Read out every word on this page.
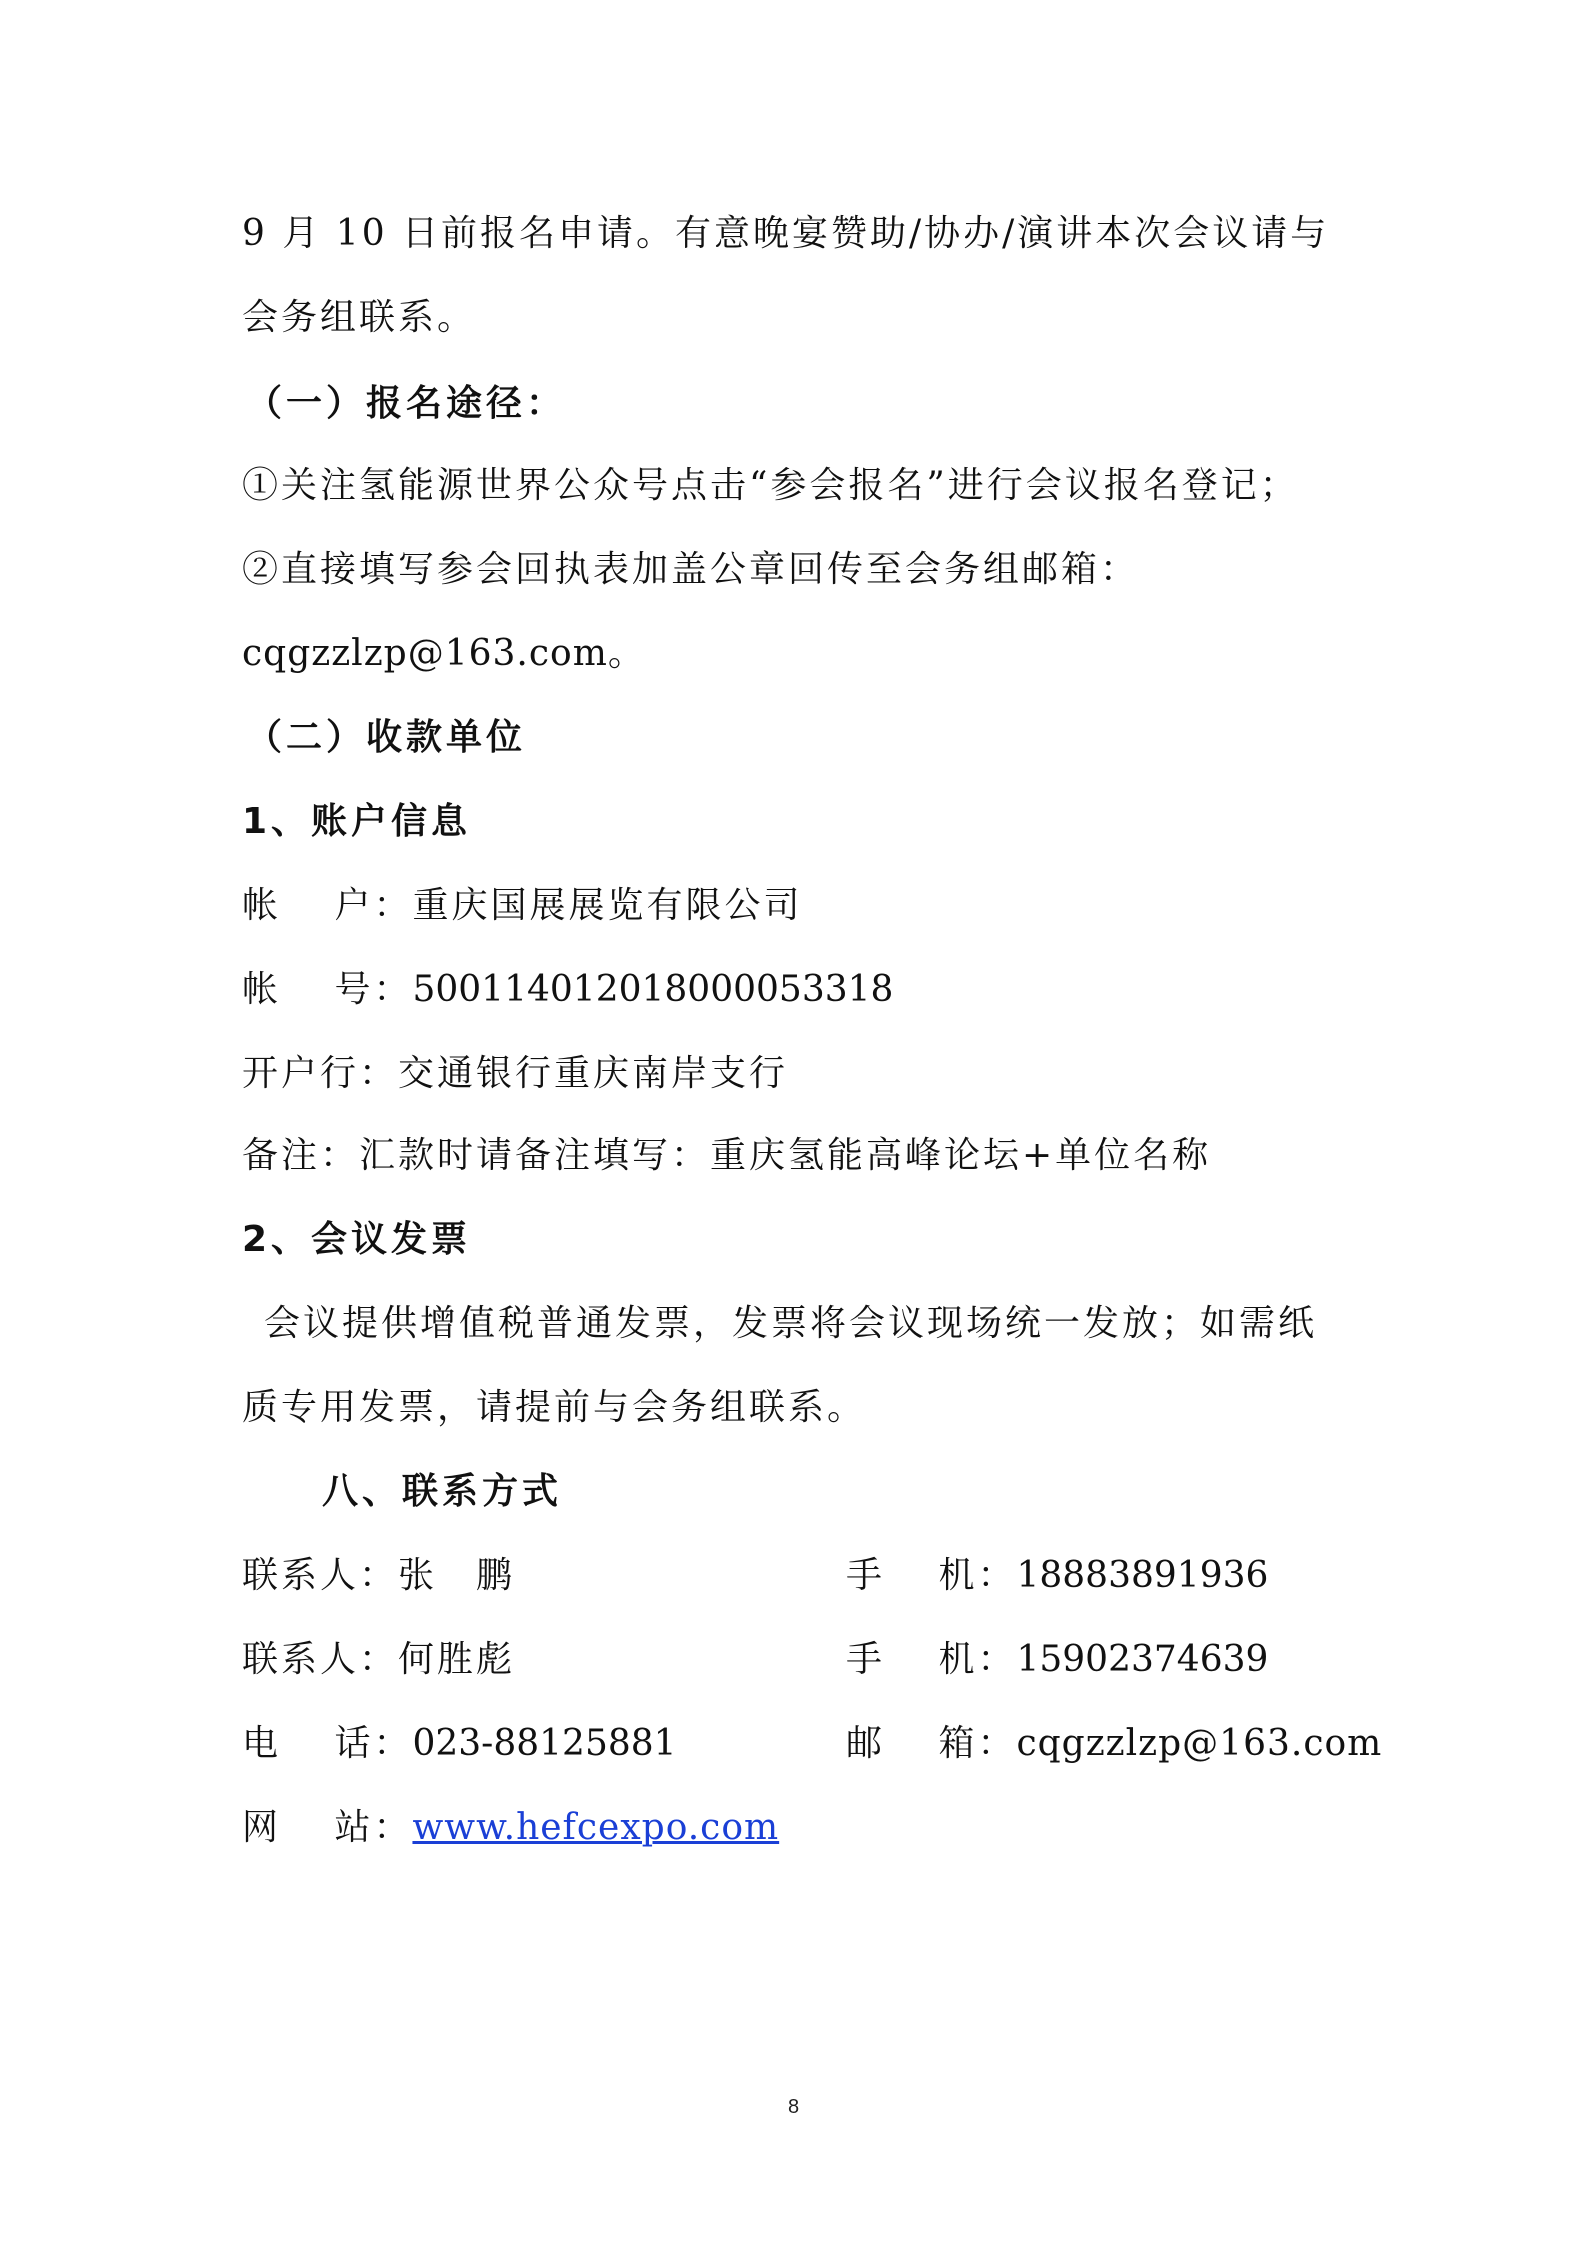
9 月 10 日前报名申请。有意晚宴赞助/协办/演讲本次会议请与
会务组联系。
（一）报名途径：
①关注氢能源世界公众号点击“参会报名”进行会议报名登记；
②直接填写参会回执表加盖公章回传至会务组邮箱：
cqgzzlzp@163.com。
（二）收款单位
1、账户信息
帐　 户：重庆国展展览有限公司
帐　 号：500114012018000053318
开户行：交通银行重庆南岸支行
备注：汇款时请备注填写：重庆氢能高峰论坛+单位名称
2、会议发票
会议提供增值税普通发票，发票将会议现场统一发放；如需纸
质专用发票，请提前与会务组联系。
八、联系方式
联系人：张　鹏	手　 机：18883891936
联系人：何胜彪	手　 机：15902374639
电　 话：023-88125881	邮　 箱：cqgzzlzp@163.com
网　 站：www.hefcexpo.com
8
